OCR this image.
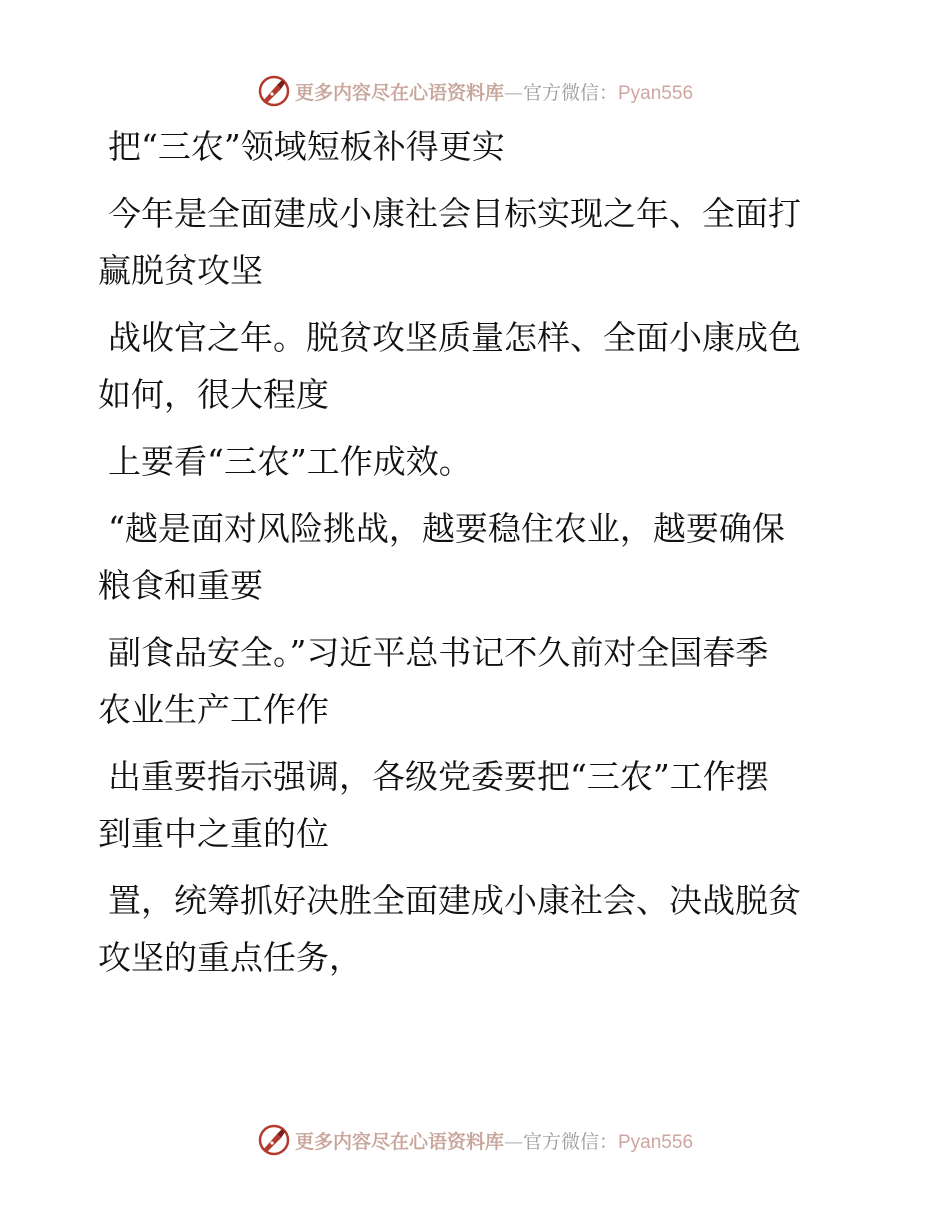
更多内容尽在心语资料库—官方微信：Pyan556
把“三农”领域短板补得更实
今年是全面建成小康社会目标实现之年、全面打
赢脱贫攻坚
战收官之年。脱贫攻坚质量怎样、全面小康成色
如何，很大程度
上要看“三农”工作成效。
“越是面对风险挑战，越要稳住农业，越要确保
粮食和重要
副食品安全。”习近平总书记不久前对全国春季
农业生产工作作
出重要指示强调，各级党委要把“三农”工作摆
到重中之重的位
置，统筹抓好决胜全面建成小康社会、决战脱贫
攻坚的重点任务，
更多内容尽在心语资料库—官方微信：Pyan556
